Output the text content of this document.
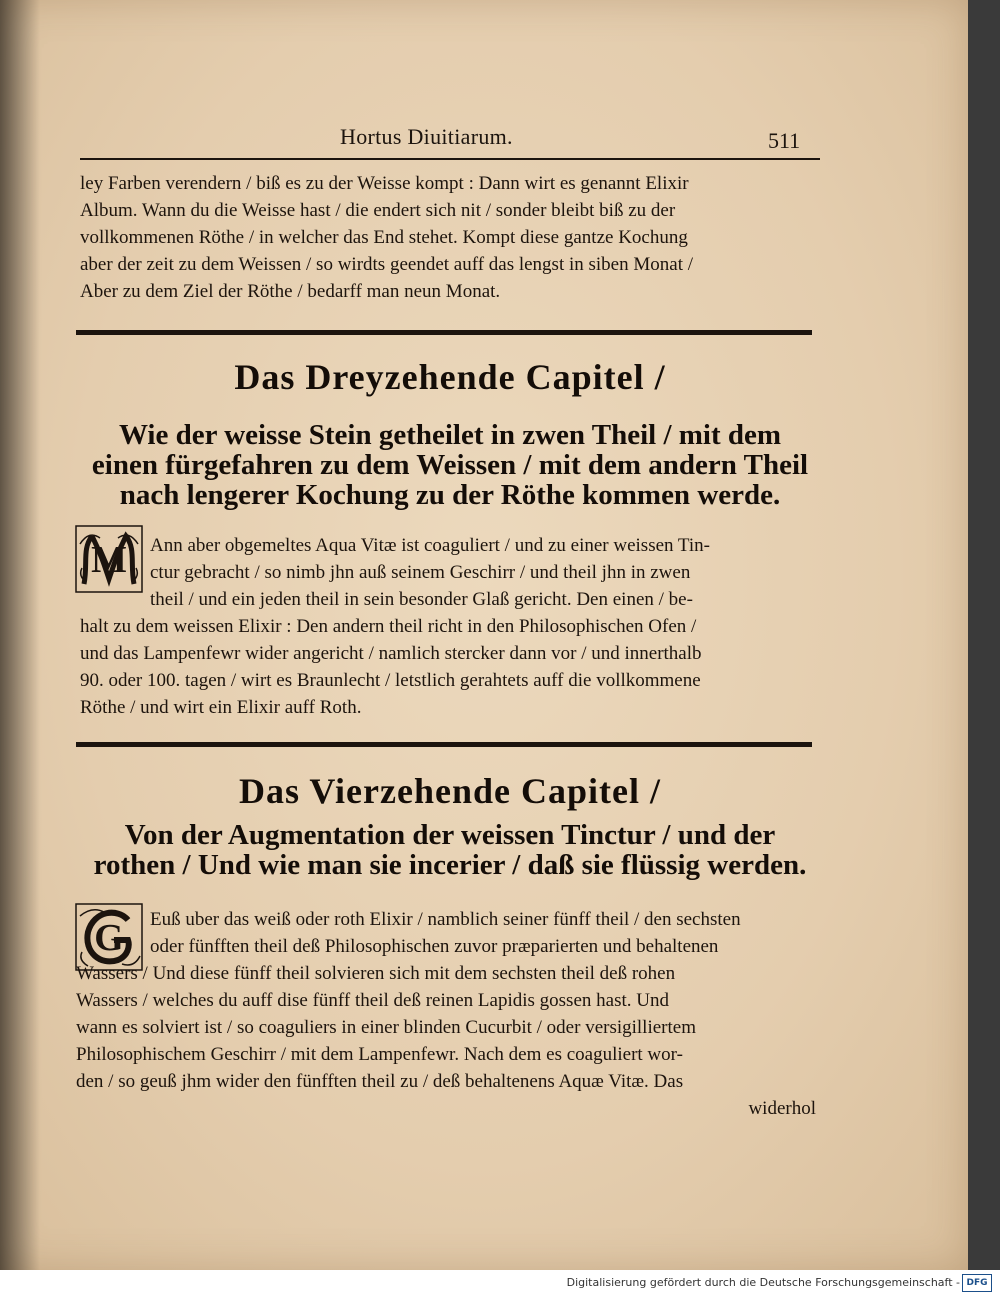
Hortus Diuitiarum.	511
ley Farben verendern / biß es zu der Weisse kompt : Dann wirt es genannt Elixir
Album. Wann du die Weisse hast / die endert sich nit / sonder bleibt biß zu der
vollkommenen Röthe / in welcher das End stehet. Kompt diese gantze Kochung
aber der zeit zu dem Weissen / so wirdts geendet auff das lengst in siben Monat /
Aber zu dem Ziel der Röthe / bedarff man neun Monat.
Das Dreyzehende Capitel /
Wie der weisse Stein getheilet in zwen Theil / mit dem
einen fürgefahren zu dem Weissen / mit dem andern Theil
nach lengerer Kochung zu der Röthe kommen werde.
M Ann aber obgemeltes Aqua Vitæ ist coaguliert / und zu einer weissen Tin-
ctur gebracht / so nimb jhn auß seinem Geschirr / und theil jhn in zwen
theil / und ein jeden theil in sein besonder Glaß gericht. Den einen / be-
halt zu dem weissen Elixir : Den andern theil richt in den Philosophischen Ofen /
und das Lampenfewr wider angericht / namlich stercker dann vor / und innerthalb
90. oder 100. tagen / wirt es Braunlecht / letstlich gerahtets auff die vollkommene
Röthe / und wirt ein Elixir auff Roth.
Das Vierzehende Capitel /
Von der Augmentation der weissen Tinctur / und der
rothen / Und wie man sie incerier / daß sie flüssig werden.
G Euß uber das weiß oder roth Elixir / namblich seiner fünff theil / den sechsten
oder fünfften theil deß Philosophischen zuvor præparierten und behaltenen
Wassers / Und diese fünff theil solvieren sich mit dem sechsten theil deß rohen
Wassers / welches du auff dise fünff theil deß reinen Lapidis gossen hast. Und
wann es solviert ist / so coaguliers in einer blinden Cucurbit / oder versigilliertem
Philosophischem Geschirr / mit dem Lampenfewr. Nach dem es coaguliert wor-
den / so geuß jhm wider den fünfften theil zu / deß behaltenens Aquæ Vitæ. Das
widerhol
Digitalisierung gefördert durch die Deutsche Forschungsgemeinschaft - DFG
